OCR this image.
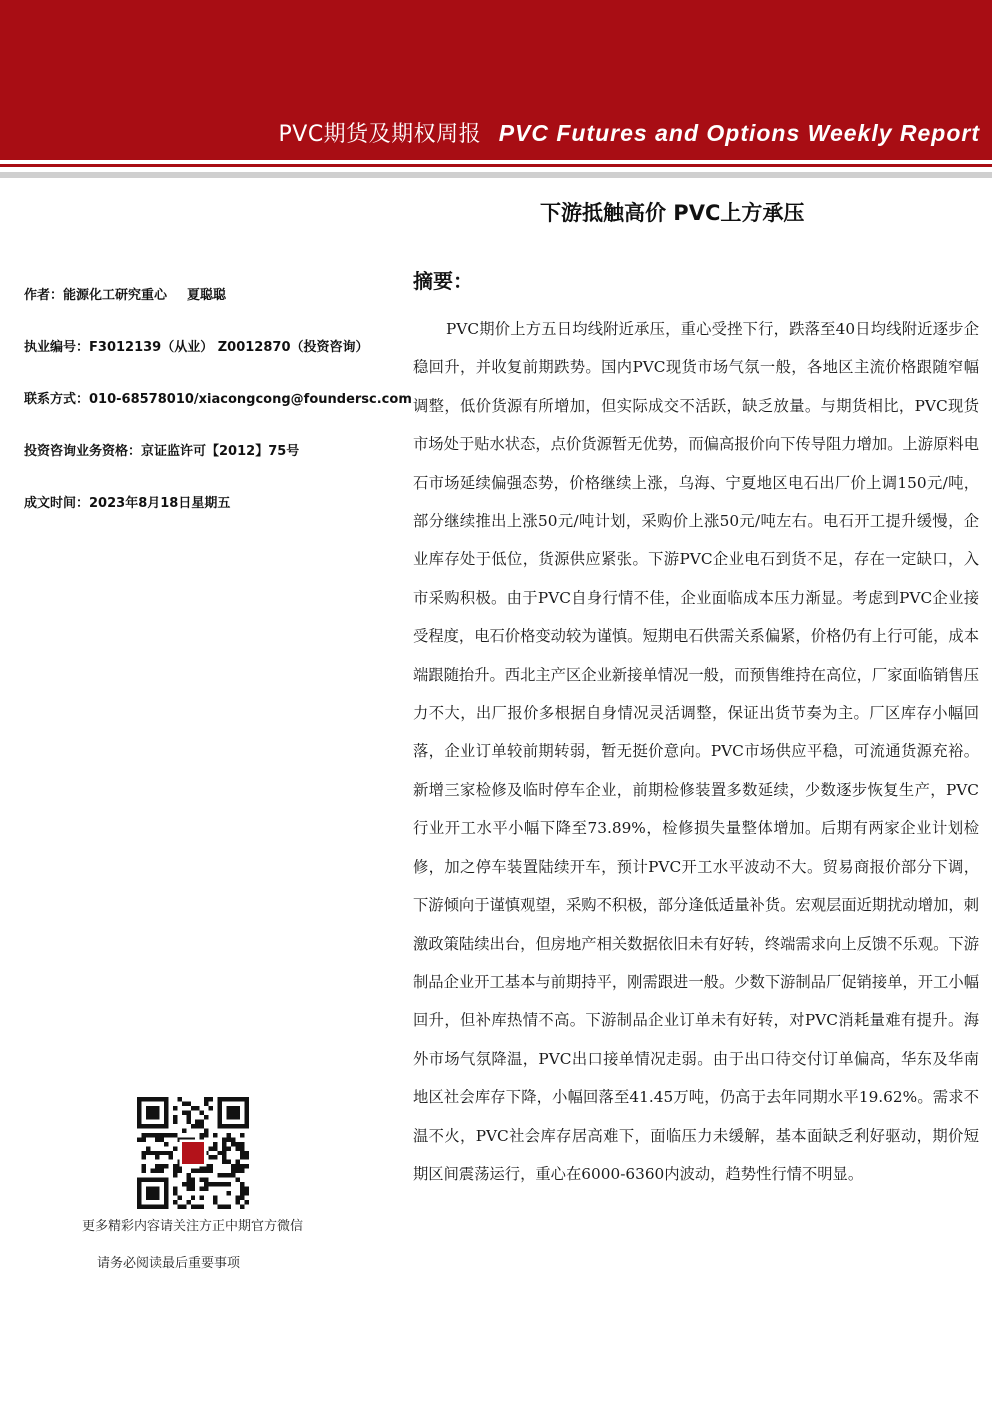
PVC期货及期权周报 PVC Futures and Options Weekly Report
下游抵触高价 PVC上方承压
作者：能源化工研究重心 夏聪聪
执业编号：F3012139（从业） Z0012870（投资咨询）
联系方式：010-68578010/xiacongcong@foundersc.com
投资咨询业务资格：京证监许可【2012】75号
成文时间：2023年8月18日星期五
更多精彩内容请关注方正中期官方微信
请务必阅读最后重要事项
摘要：

PVC期价上方五日均线附近承压，重心受挫下行，跌落至40日均线附近逐步企稳回升，并收复前期跌势。国内PVC现货市场气氛一般，各地区主流价格跟随窄幅调整，低价货源有所增加，但实际成交不活跃，缺乏放量。与期货相比，PVC现货市场处于贴水状态，点价货源暂无优势，而偏高报价向下传导阻力增加。上游原料电石市场延续偏强态势，价格继续上涨，乌海、宁夏地区电石出厂价上调150元/吨，部分继续推出上涨50元/吨计划，采购价上涨50元/吨左右。电石开工提升缓慢，企业库存处于低位，货源供应紧张。下游PVC企业电石到货不足，存在一定缺口，入市采购积极。由于PVC自身行情不佳，企业面临成本压力渐显。考虑到PVC企业接受程度，电石价格变动较为谨慎。短期电石供需关系偏紧，价格仍有上行可能，成本端跟随抬升。西北主产区企业新接单情况一般，而预售维持在高位，厂家面临销售压力不大，出厂报价多根据自身情况灵活调整，保证出货节奏为主。厂区库存小幅回落，企业订单较前期转弱，暂无挺价意向。PVC市场供应平稳，可流通货源充裕。新增三家检修及临时停车企业，前期检修装置多数延续，少数逐步恢复生产，PVC行业开工水平小幅下降至73.89%，检修损失量整体增加。后期有两家企业计划检修，加之停车装置陆续开车，预计PVC开工水平波动不大。贸易商报价部分下调，下游倾向于谨慎观望，采购不积极，部分逢低适量补货。宏观层面近期扰动增加，刺激政策陆续出台，但房地产相关数据依旧未有好转，终端需求向上反馈不乐观。下游制品企业开工基本与前期持平，刚需跟进一般。少数下游制品厂促销接单，开工小幅回升，但补库热情不高。下游制品企业订单未有好转，对PVC消耗量难有提升。海外市场气氛降温，PVC出口接单情况走弱。由于出口待交付订单偏高，华东及华南地区社会库存下降，小幅回落至41.45万吨，仍高于去年同期水平19.62%。需求不温不火，PVC社会库存居高难下，面临压力未缓解，基本面缺乏利好驱动，期价短期区间震荡运行，重心在6000-6360内波动，趋势性行情不明显。
